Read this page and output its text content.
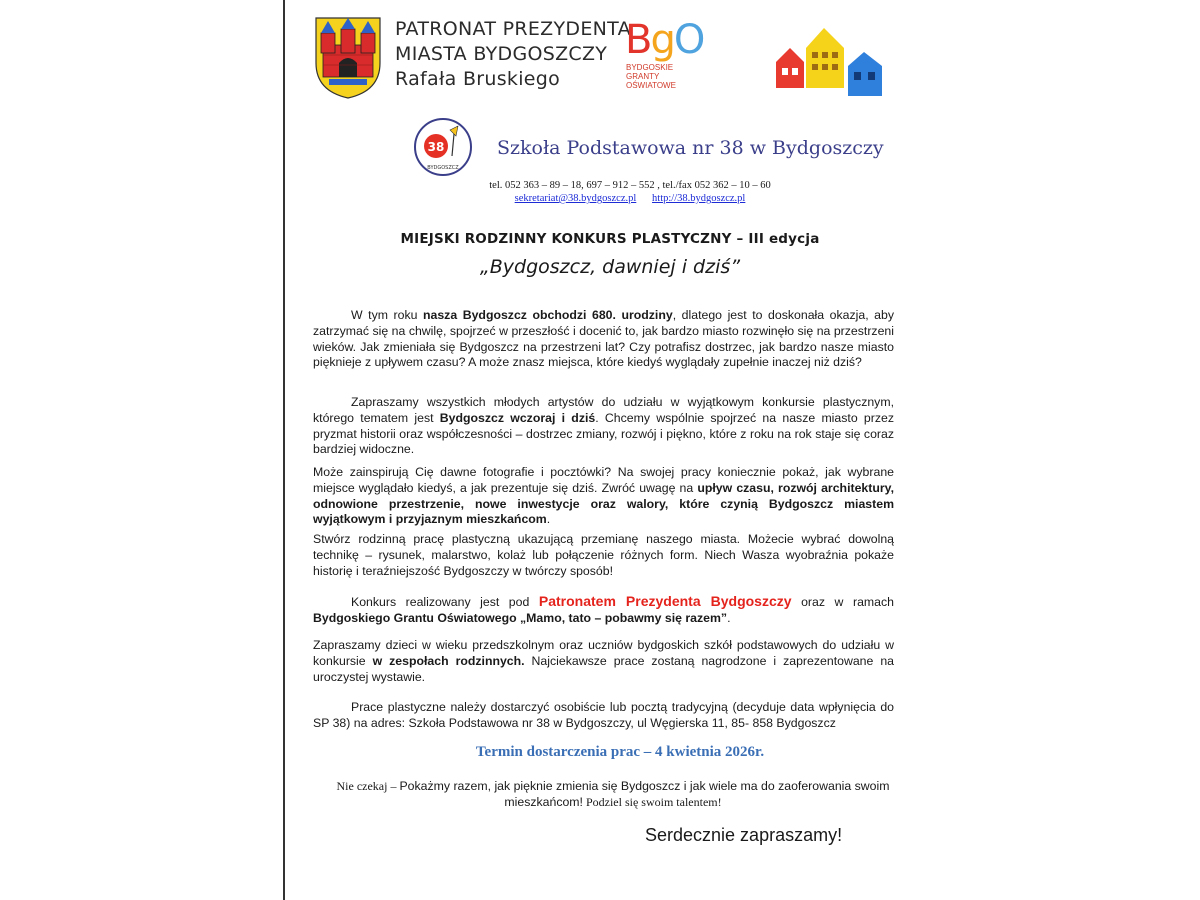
PATRONAT PREZYDENTA
MIASTA BYDGOSZCZY
Rafała Bruskiego
BgO
BYDGOSKIE
GRANTY
OŚWIATOWE
38
BYDGOSZCZ
Szkoła Podstawowa nr 38 w Bydgoszczy
tel. 052 363 – 89 – 18, 697 – 912 – 552 , tel./fax 052 362 – 10 – 60
sekretariat@38.bydgoszcz.pl http://38.bydgoszcz.pl
MIEJSKI RODZINNY KONKURS PLASTYCZNY – III edycja
„Bydgoszcz, dawniej i dziś”

W tym roku nasza Bydgoszcz obchodzi 680. urodziny, dlatego jest to doskonała okazja, aby zatrzymać się na chwilę, spojrzeć w przeszłość i docenić to, jak bardzo miasto rozwinęło się na przestrzeni wieków. Jak zmieniała się Bydgoszcz na przestrzeni lat? Czy potrafisz dostrzec, jak bardzo nasze miasto pięknieje z upływem czasu? A może znasz miejsca, które kiedyś wyglądały zupełnie inaczej niż dziś?

Zapraszamy wszystkich młodych artystów do udziału w wyjątkowym konkursie plastycznym, którego tematem jest Bydgoszcz wczoraj i dziś. Chcemy wspólnie spojrzeć na nasze miasto przez pryzmat historii oraz współczesności – dostrzec zmiany, rozwój i piękno, które z roku na rok staje się coraz bardziej widoczne.

Może zainspirują Cię dawne fotografie i pocztówki? Na swojej pracy koniecznie pokaż, jak wybrane miejsce wyglądało kiedyś, a jak prezentuje się dziś. Zwróć uwagę na upływ czasu, rozwój architektury, odnowione przestrzenie, nowe inwestycje oraz walory, które czynią Bydgoszcz miastem wyjątkowym i przyjaznym mieszkańcom.

Stwórz rodzinną pracę plastyczną ukazującą przemianę naszego miasta. Możecie wybrać dowolną technikę – rysunek, malarstwo, kolaż lub połączenie różnych form. Niech Wasza wyobraźnia pokaże historię i teraźniejszość Bydgoszczy w twórczy sposób!

Konkurs realizowany jest pod Patronatem Prezydenta Bydgoszczy oraz w ramach Bydgoskiego Grantu Oświatowego „Mamo, tato – pobawmy się razem”.

Zapraszamy dzieci w wieku przedszkolnym oraz uczniów bydgoskich szkół podstawowych do udziału w konkursie w zespołach rodzinnych. Najciekawsze prace zostaną nagrodzone i zaprezentowane na uroczystej wystawie.

Prace plastyczne należy dostarczyć osobiście lub pocztą tradycyjną (decyduje data wpłynięcia do SP 38) na adres: Szkoła Podstawowa nr 38 w Bydgoszczy, ul Węgierska 11, 85- 858 Bydgoszcz

Termin dostarczenia prac – 4 kwietnia 2026r.
Nie czekaj – Pokażmy razem, jak pięknie zmienia się Bydgoszcz i jak wiele ma do zaoferowania swoim mieszkańcom! Podziel się swoim talentem!
Serdecznie zapraszamy!
